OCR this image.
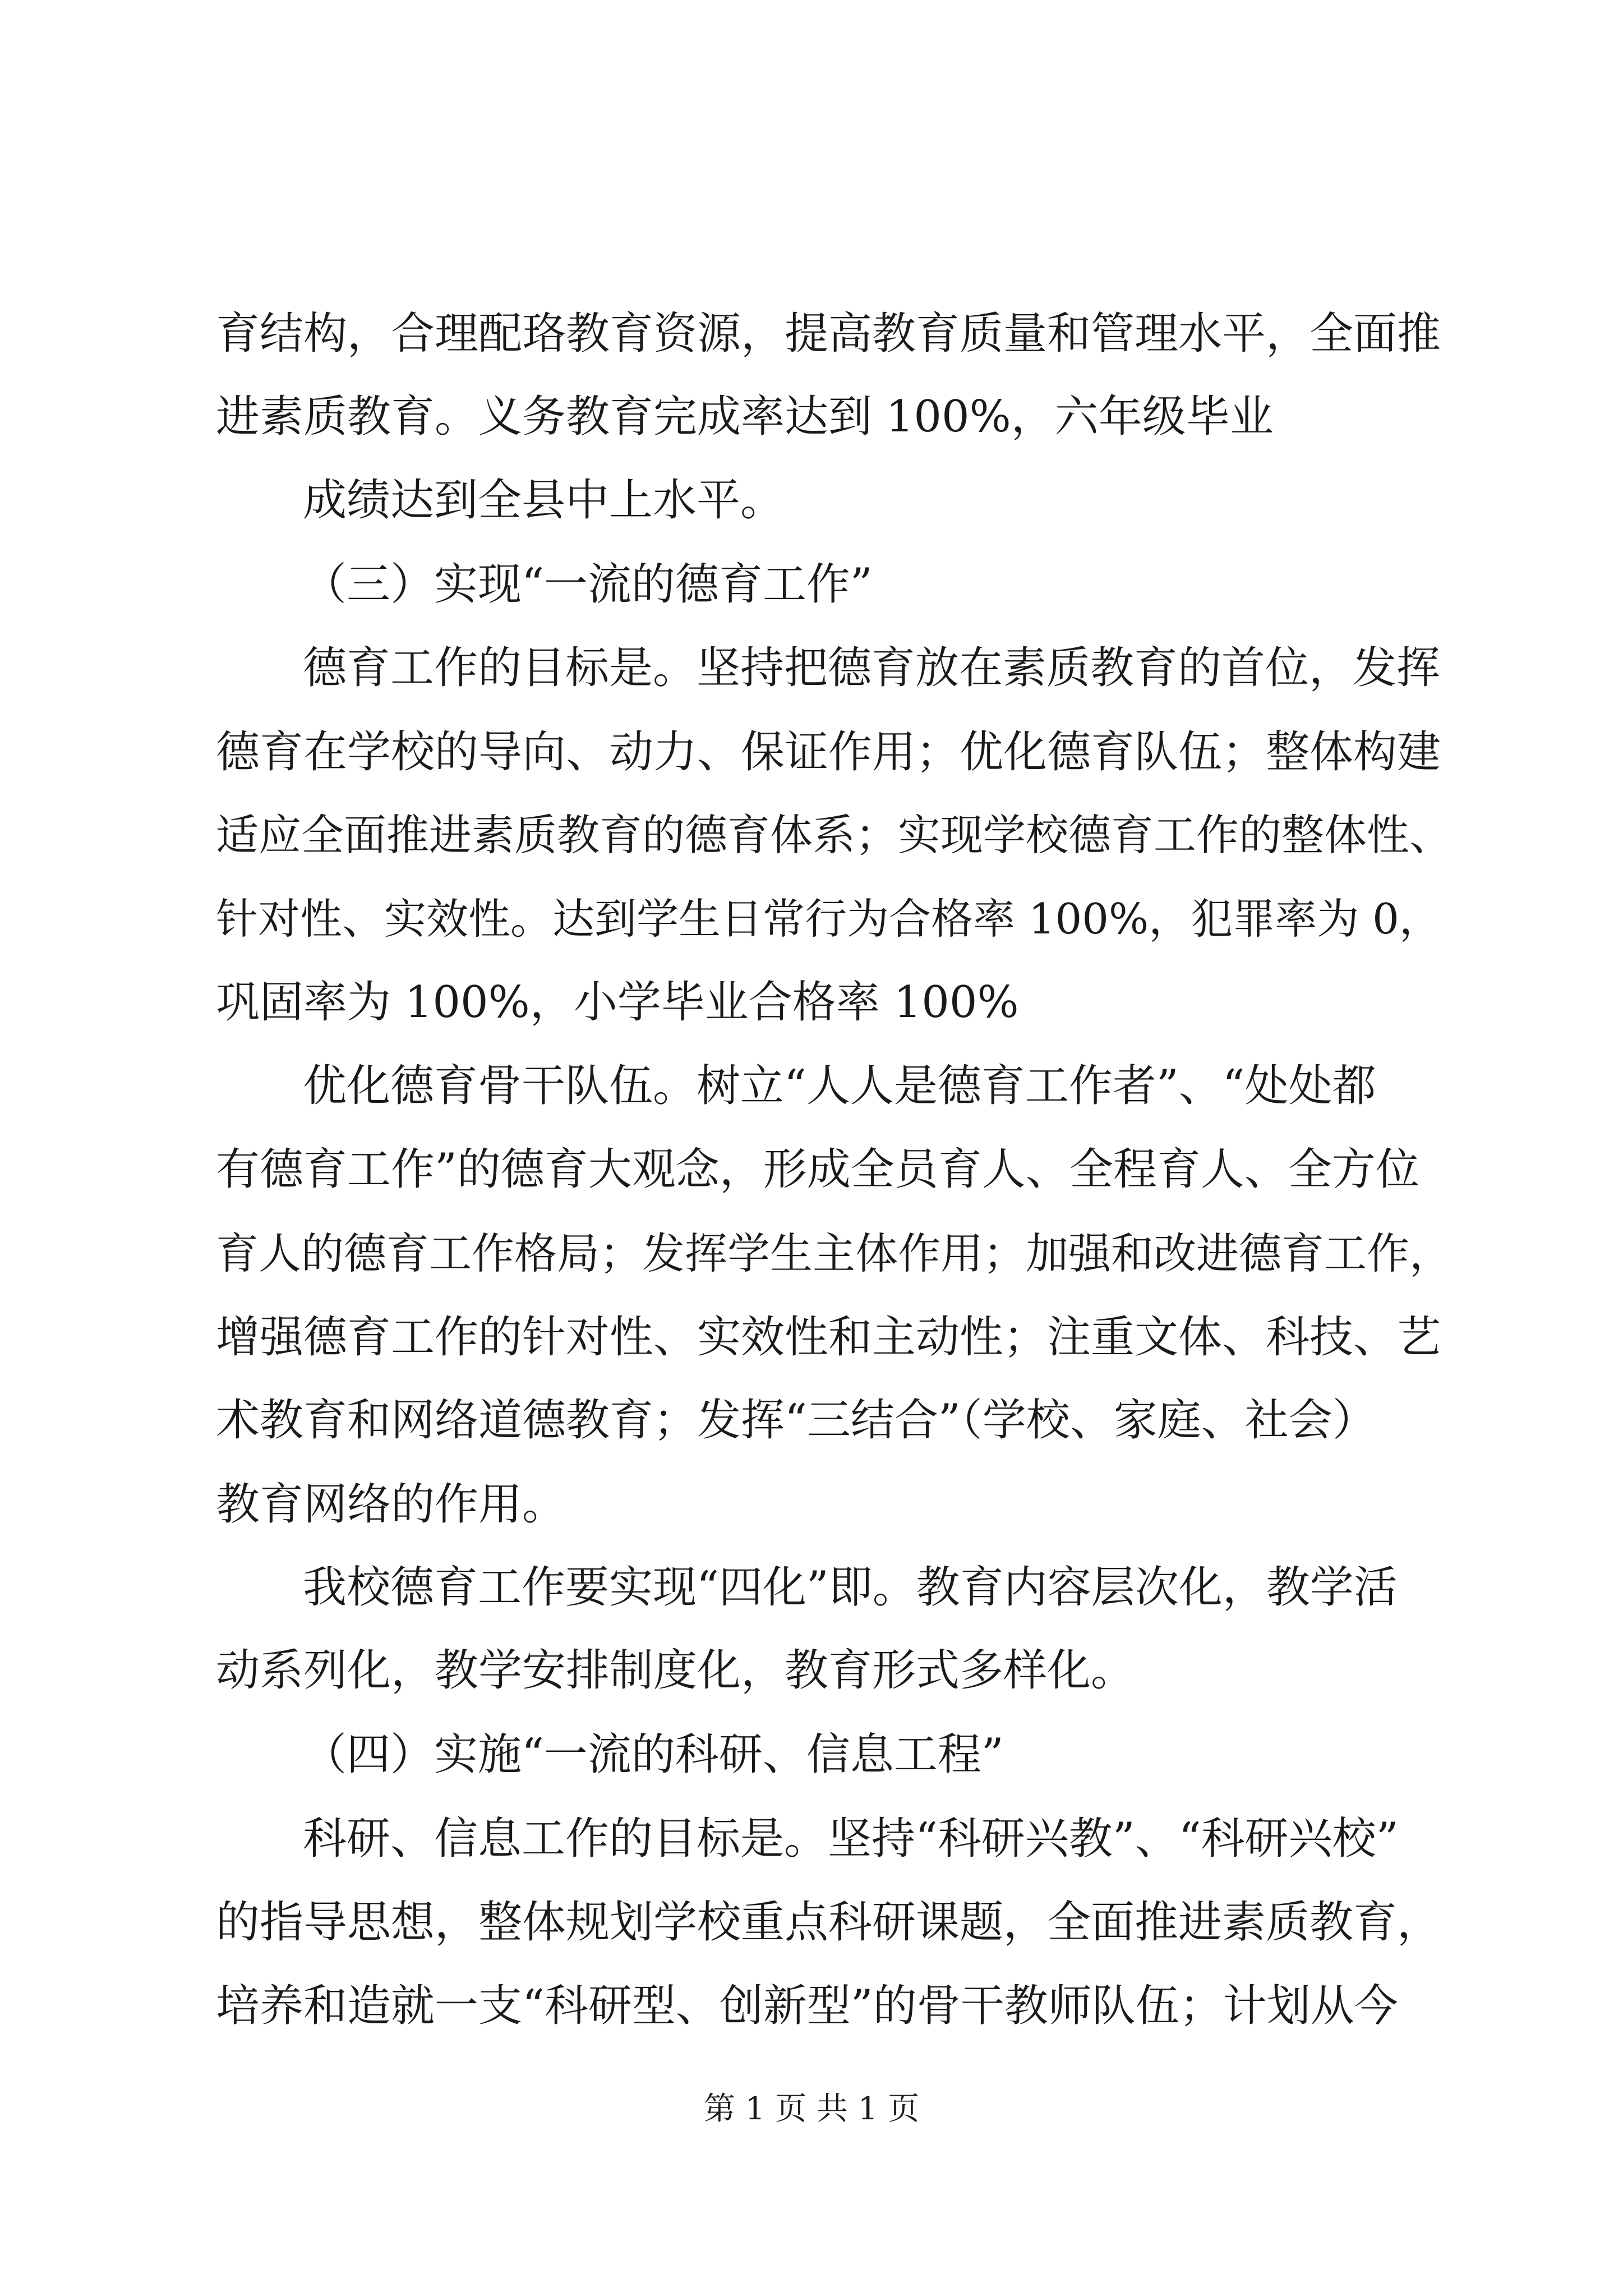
育结构，合理配珞教育资源，提高教育质量和管理水平，全面推
进素质教育。义务教育完成率达到 100%，六年级毕业
成绩达到全县中上水平。
（三）实现“一流的德育工作”
德育工作的目标是。坚持把德育放在素质教育的首位，发挥
德育在学校的导向、动力、保证作用；优化德育队伍；整体构建
适应全面推进素质教育的德育体系；实现学校德育工作的整体性、
针对性、实效性。达到学生日常行为合格率 100%，犯罪率为 0，
巩固率为 100%，小学毕业合格率 100%
优化德育骨干队伍。树立“人人是德育工作者”、“处处都
有德育工作”的德育大观念，形成全员育人、全程育人、全方位
育人的德育工作格局；发挥学生主体作用；加强和改进德育工作，
增强德育工作的针对性、实效性和主动性；注重文体、科技、艺
术教育和网络道德教育；发挥“三结合”（学校、家庭、社会）
教育网络的作用。
我校德育工作要实现“四化”即。教育内容层次化，教学活
动系列化，教学安排制度化，教育形式多样化。
（四）实施“一流的科研、信息工程”
科研、信息工作的目标是。坚持“科研兴教”、“科研兴校”
的指导思想，整体规划学校重点科研课题，全面推进素质教育，
培养和造就一支“科研型、创新型”的骨干教师队伍；计划从今
第 1 页 共 1 页
